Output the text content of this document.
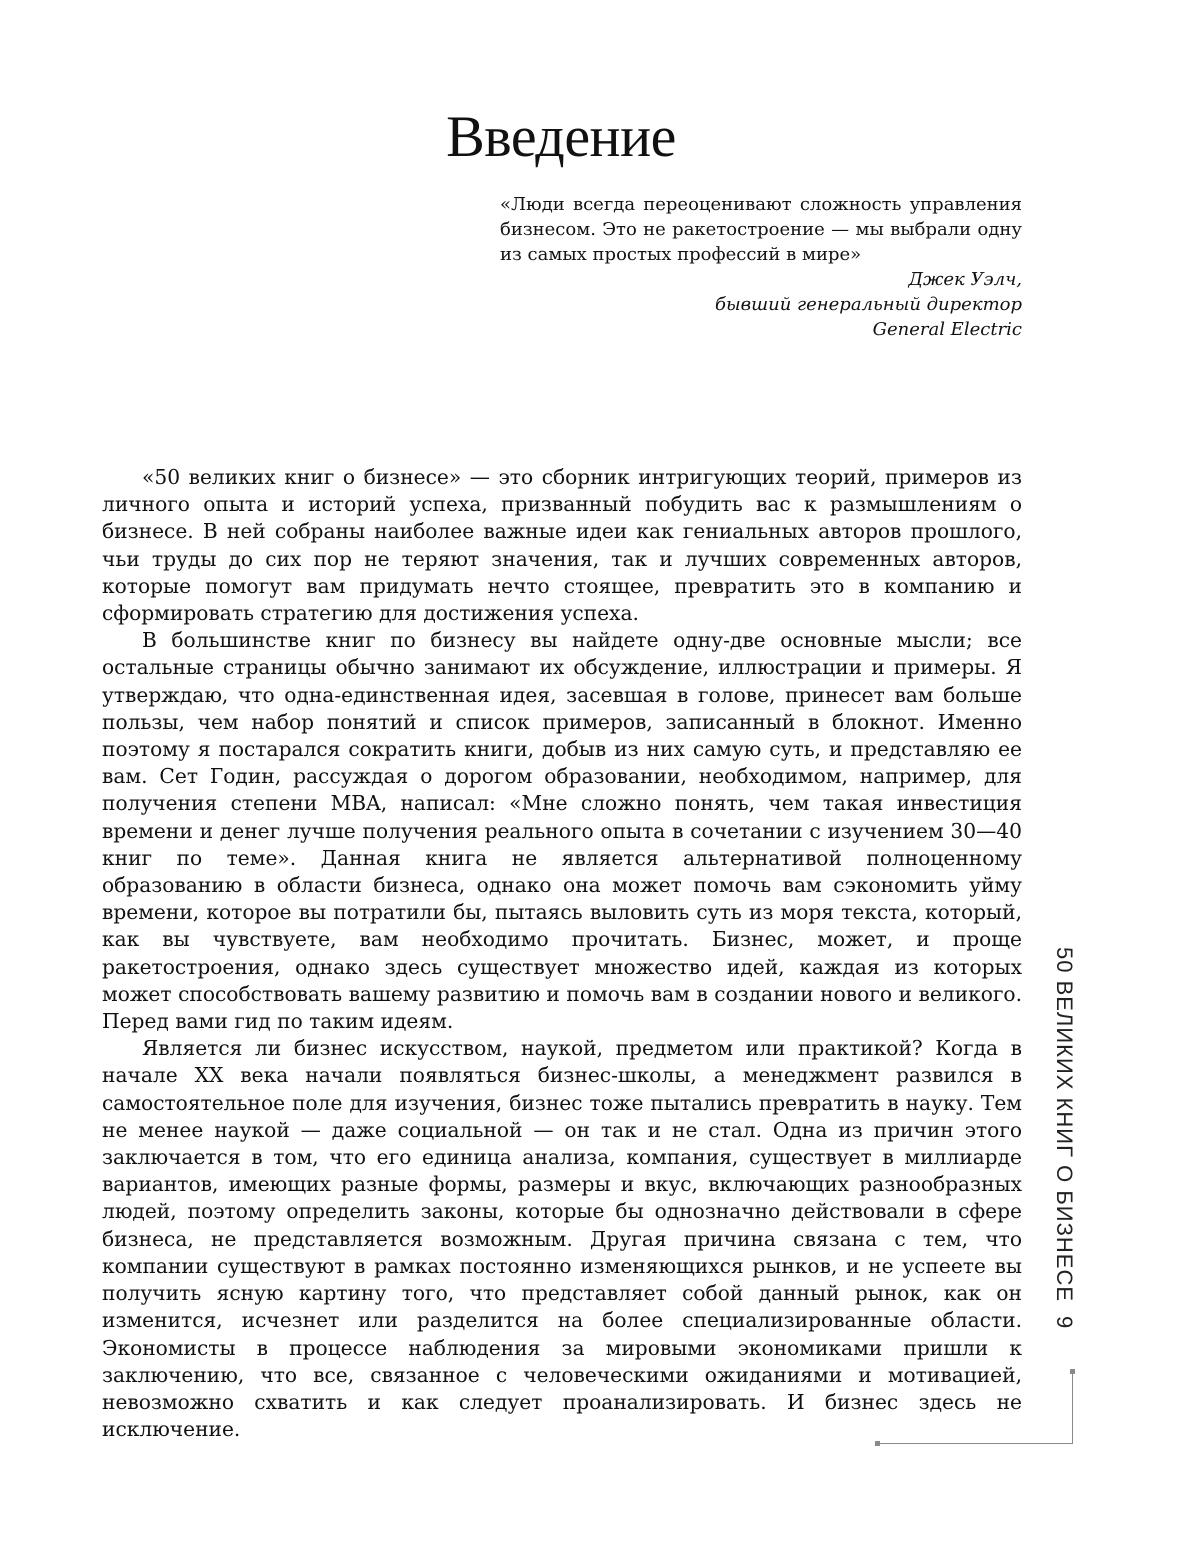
Введение
«Люди всегда переоценивают сложность управления бизнесом. Это не ракетостроение — мы выбрали одну из самых простых профессий в мире»
Джек Уэлч,
бывший генеральный директор
General Electric

«50 великих книг о бизнесе» — это сборник интригующих теорий, примеров из личного опыта и историй успеха, призванный побудить вас к размышлениям о бизнесе. В ней собраны наиболее важные идеи как гениальных авторов прошлого, чьи труды до сих пор не теряют значения, так и лучших современных авторов, которые помогут вам придумать нечто стоящее, превратить это в компанию и сформировать стратегию для достижения успеха.

В большинстве книг по бизнесу вы найдете одну-две основные мысли; все остальные страницы обычно занимают их обсуждение, иллюстрации и примеры. Я утверждаю, что одна-единственная идея, засевшая в голове, принесет вам больше пользы, чем набор понятий и список примеров, записанный в блокнот. Именно поэтому я постарался сократить книги, добыв из них самую суть, и представляю ее вам. Сет Годин, рассуждая о дорогом образовании, необходимом, например, для получения степени MBA, написал: «Мне сложно понять, чем такая инвестиция времени и денег лучше получения реального опыта в сочетании с изучением 30—40 книг по теме». Данная книга не является альтернативой полноценному образованию в области бизнеса, однако она может помочь вам сэкономить уйму времени, которое вы потратили бы, пытаясь выловить суть из моря текста, который, как вы чувствуете, вам необходимо прочитать. Бизнес, может, и проще ракетостроения, однако здесь существует множество идей, каждая из которых может способствовать вашему развитию и помочь вам в создании нового и великого. Перед вами гид по таким идеям.

Является ли бизнес искусством, наукой, предметом или практикой? Когда в начале XX века начали появляться бизнес-школы, а менеджмент развился в самостоятельное поле для изучения, бизнес тоже пытались превратить в науку. Тем не менее наукой — даже социальной — он так и не стал. Одна из причин этого заключается в том, что его единица анализа, компания, существует в миллиарде вариантов, имеющих разные формы, размеры и вкус, включающих разнообразных людей, поэтому определить законы, которые бы однозначно действовали в сфере бизнеса, не представляется возможным. Другая причина связана с тем, что компании существуют в рамках постоянно изменяющихся рынков, и не успеете вы получить ясную картину того, что представляет собой данный рынок, как он изменится, исчезнет или разделится на более специализированные области. Экономисты в процессе наблюдения за мировыми экономиками пришли к заключению, что все, связанное с человеческими ожиданиями и мотивацией, невозможно схватить и как следует проанализировать. И бизнес здесь не исключение.

50 ВЕЛИКИХ КНИГ О БИЗНЕСЕ
9
